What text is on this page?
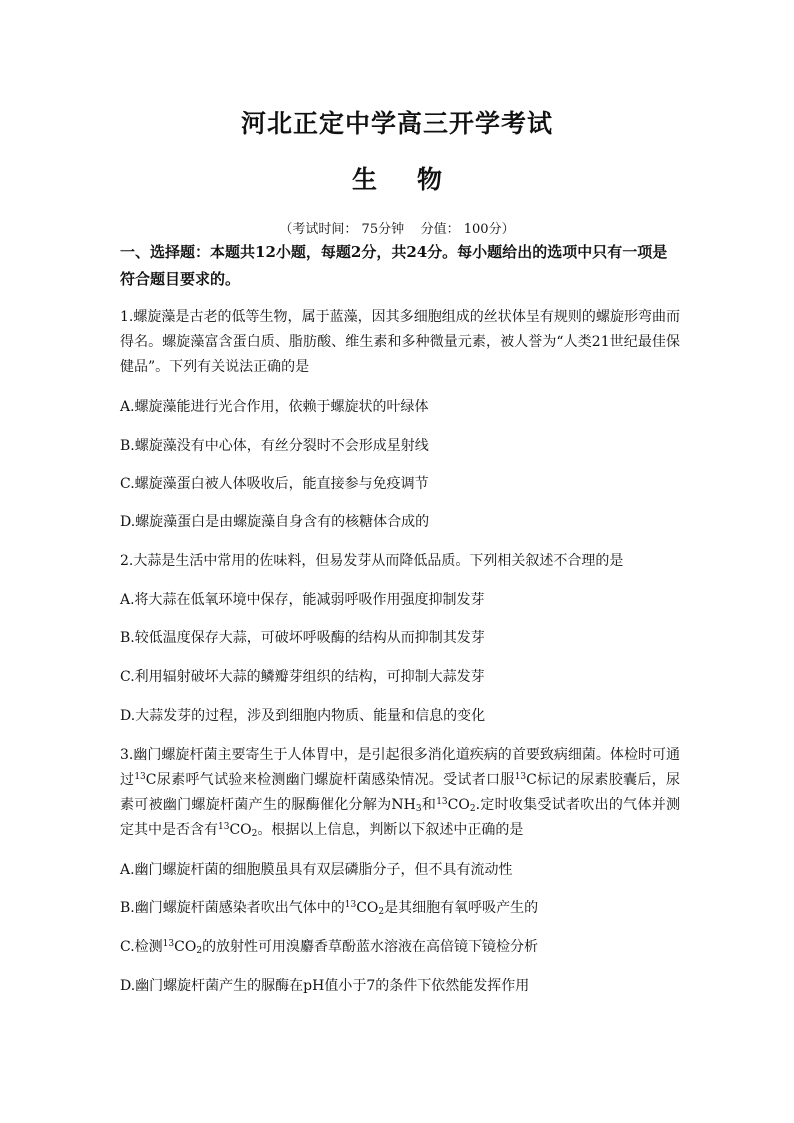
河北正定中学高三开学考试
生物
（考试时间： 75分钟    分值： 100分）
一、选择题：本题共12小题，每题2分，共24分。每小题给出的选项中只有一项是符合题目要求的。
1.螺旋藻是古老的低等生物，属于蓝藻，因其多细胞组成的丝状体呈有规则的螺旋形弯曲而得名。螺旋藻富含蛋白质、脂肪酸、维生素和多种微量元素，被人誉为“人类21世纪最佳保健品”。下列有关说法正确的是
A.螺旋藻能进行光合作用，依赖于螺旋状的叶绿体
B.螺旋藻没有中心体，有丝分裂时不会形成星射线
C.螺旋藻蛋白被人体吸收后，能直接参与免疫调节
D.螺旋藻蛋白是由螺旋藻自身含有的核糖体合成的
2.大蒜是生活中常用的佐味料，但易发芽从而降低品质。下列相关叙述不合理的是
A.将大蒜在低氧环境中保存，能减弱呼吸作用强度抑制发芽
B.较低温度保存大蒜，可破坏呼吸酶的结构从而抑制其发芽
C.利用辐射破坏大蒜的鳞瓣芽组织的结构，可抑制大蒜发芽
D.大蒜发芽的过程，涉及到细胞内物质、能量和信息的变化
3.幽门螺旋杆菌主要寄生于人体胃中，是引起很多消化道疾病的首要致病细菌。体检时可通过$^{13}$C尿素呼气试验来检测幽门螺旋杆菌感染情况。受试者口服$^{13}$C标记的尿素胶囊后，尿素可被幽门螺旋杆菌产生的脲酶催化分解为$NH_3$和$^{13}CO_2$.定时收集受试者吹出的气体并测定其中是否含有$^{13}CO_2$。根据以上信息，判断以下叙述中正确的是
A.幽门螺旋杆菌的细胞膜虽具有双层磷脂分子，但不具有流动性
B.幽门螺旋杆菌感染者吹出气体中的$^{13}CO_2$是其细胞有氧呼吸产生的
C.检测$^{13}CO_2$的放射性可用溴麝香草酚蓝水溶液在高倍镜下镜检分析
D.幽门螺旋杆菌产生的脲酶在pH值小于7的条件下依然能发挥作用
